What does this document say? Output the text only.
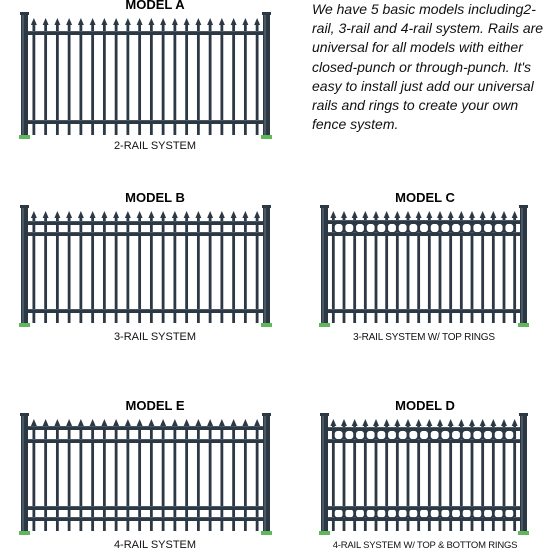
We have 5 basic models including2-rail, 3-rail and 4-rail system. Rails are universal for all models with either closed-punch or through-punch. It's easy to install just add our universal rails and rings to create your own fence system.
MODEL A
2-RAIL SYSTEM
MODEL B
3-RAIL SYSTEM
MODEL C
3-RAIL SYSTEM W/ TOP RINGS
MODEL E
4-RAIL SYSTEM
MODEL D
4-RAIL SYSTEM W/ TOP & BOTTOM RINGS
